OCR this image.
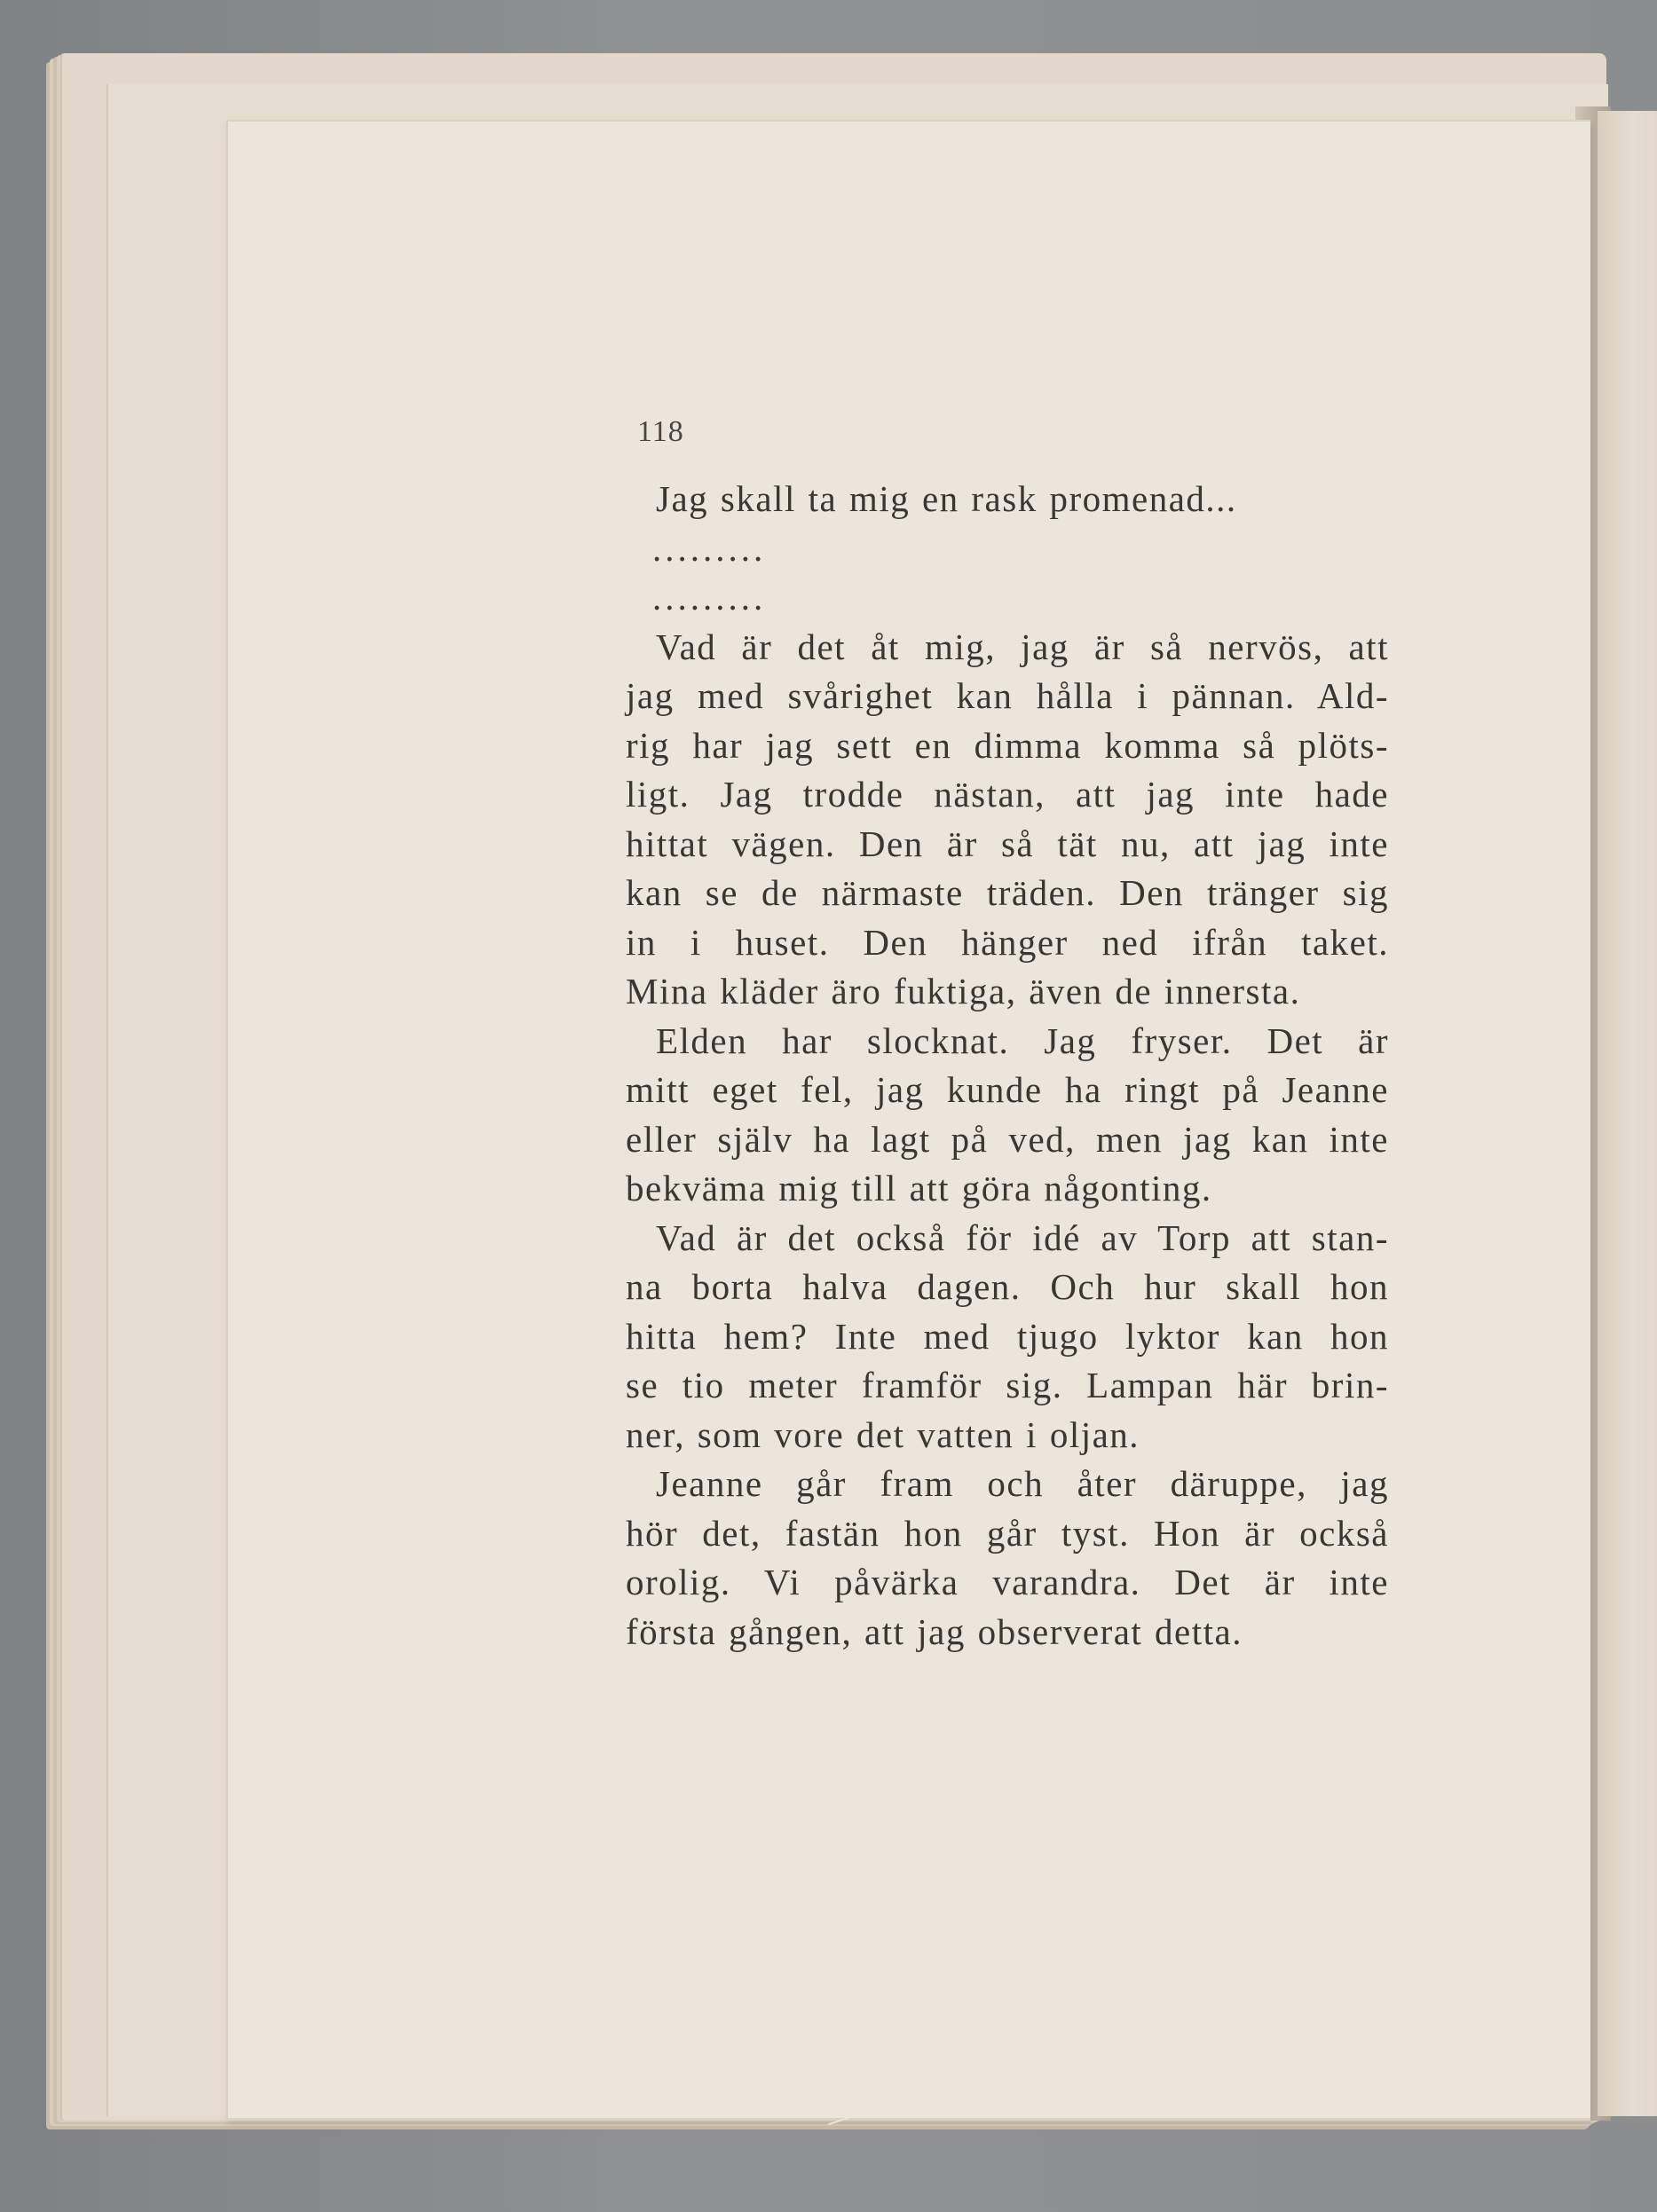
118
Jag skall ta mig en rask promenad...
.........
.........
Vad är det åt mig, jag är så nervös, att
jag med svårighet kan hålla i pännan. Ald-
rig har jag sett en dimma komma så plöts-
ligt. Jag trodde nästan, att jag inte hade
hittat vägen. Den är så tät nu, att jag inte
kan se de närmaste träden. Den tränger sig
in i huset. Den hänger ned ifrån taket.
Mina kläder äro fuktiga, även de innersta.
Elden har slocknat. Jag fryser. Det är
mitt eget fel, jag kunde ha ringt på Jeanne
eller själv ha lagt på ved, men jag kan inte
bekväma mig till att göra någonting.
Vad är det också för idé av Torp att stan-
na borta halva dagen. Och hur skall hon
hitta hem? Inte med tjugo lyktor kan hon
se tio meter framför sig. Lampan här brin-
ner, som vore det vatten i oljan.
Jeanne går fram och åter däruppe, jag
hör det, fastän hon går tyst. Hon är också
orolig. Vi påvärka varandra. Det är inte
första gången, att jag observerat detta.
